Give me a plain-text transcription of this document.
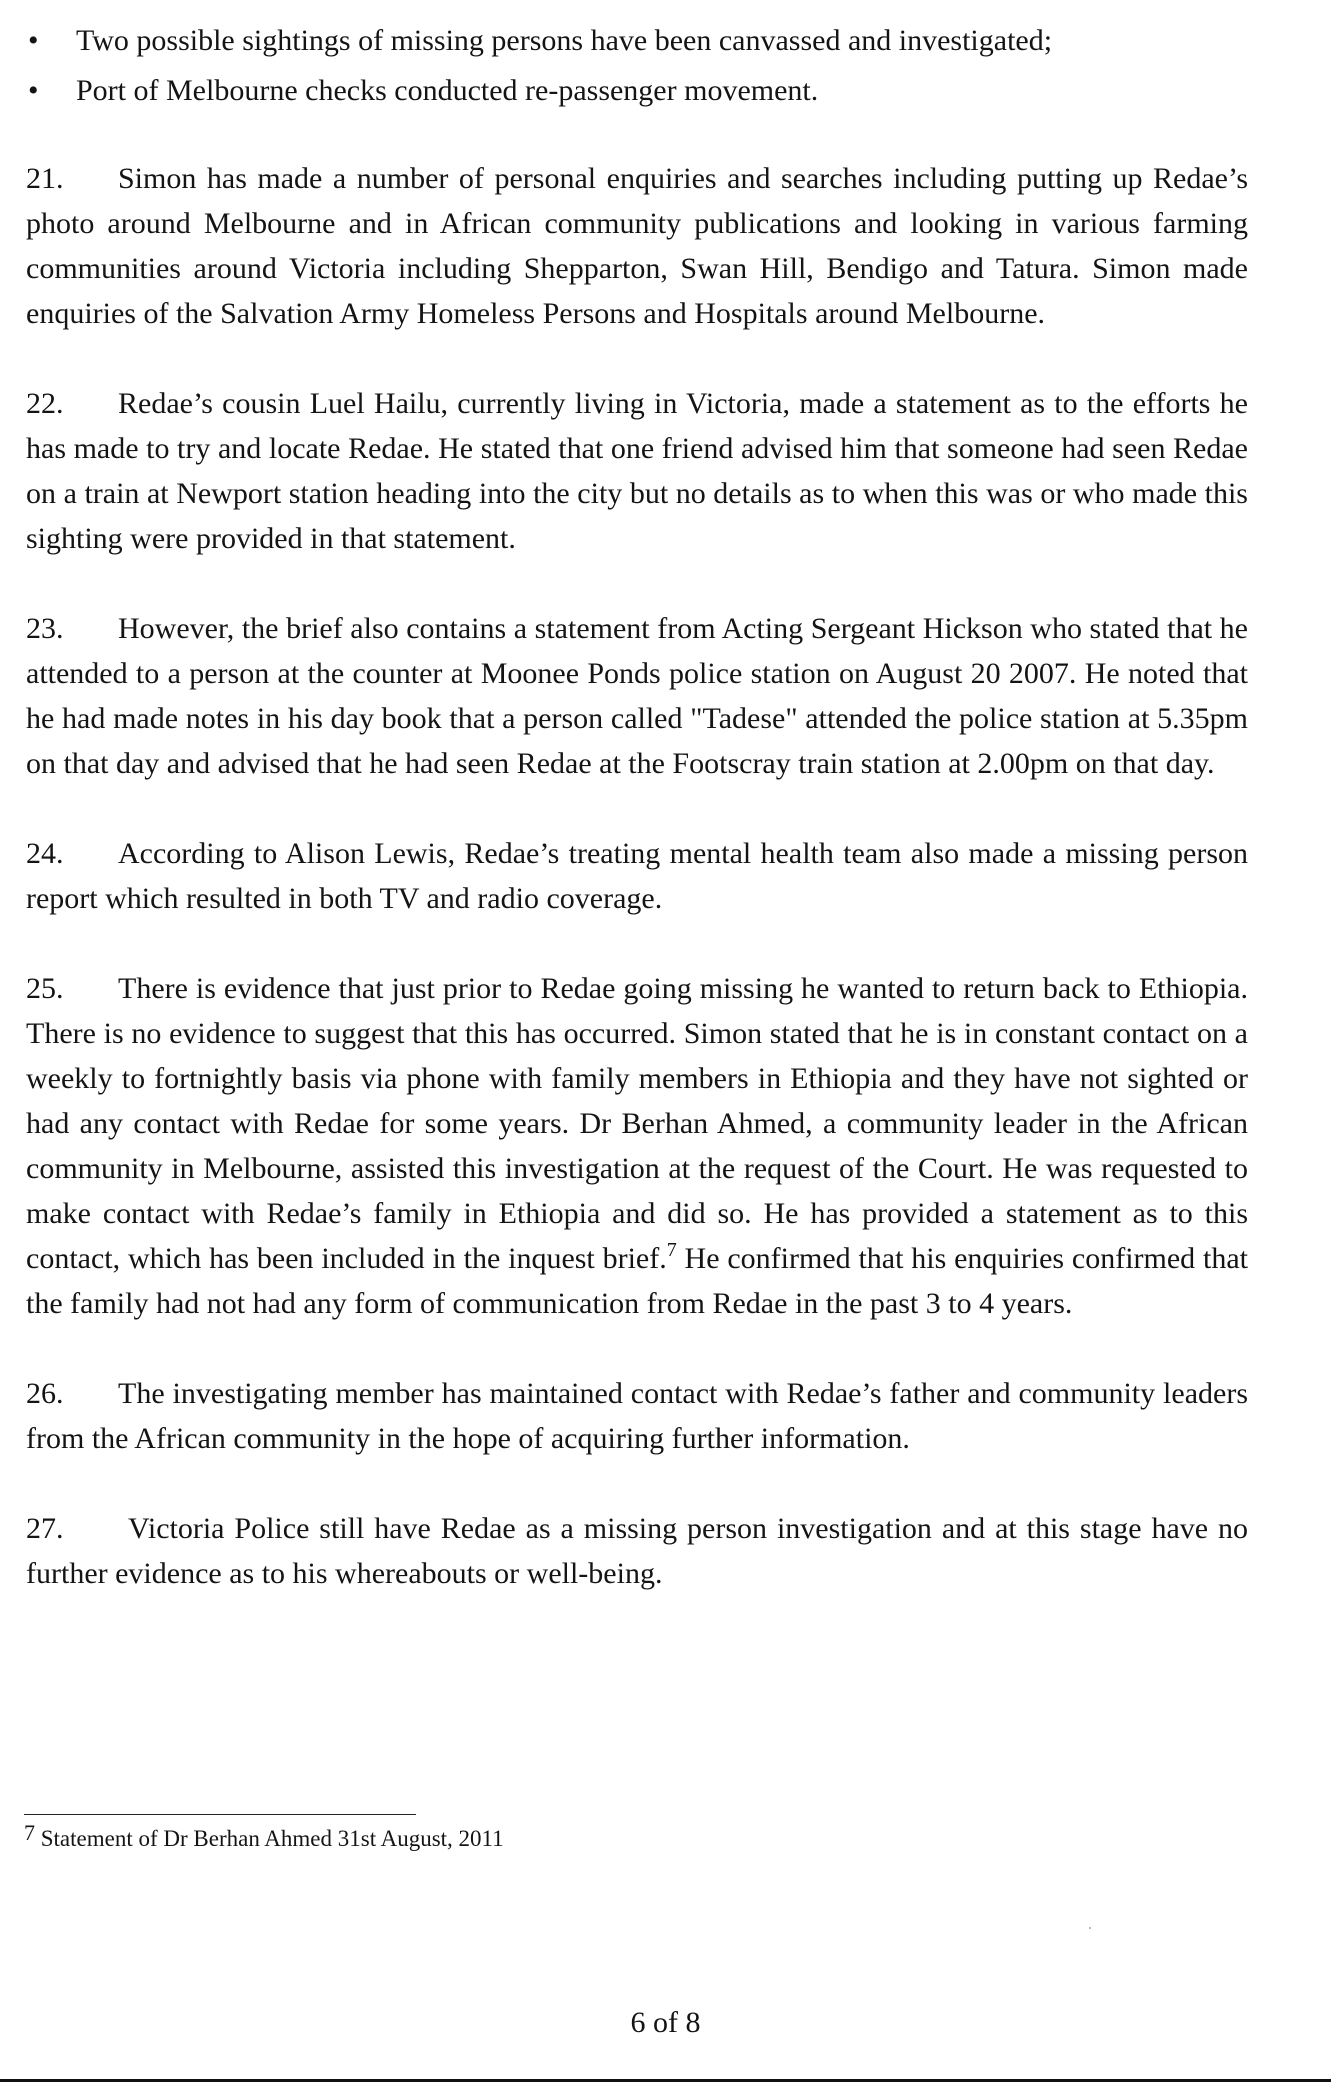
• Two possible sightings of missing persons have been canvassed and investigated;
• Port of Melbourne checks conducted re-passenger movement.

21. Simon has made a number of personal enquiries and searches including putting up Redae’s photo around Melbourne and in African community publications and looking in various farming communities around Victoria including Shepparton, Swan Hill, Bendigo and Tatura. Simon made enquiries of the Salvation Army Homeless Persons and Hospitals around Melbourne.

22. Redae’s cousin Luel Hailu, currently living in Victoria, made a statement as to the efforts he has made to try and locate Redae. He stated that one friend advised him that someone had seen Redae on a train at Newport station heading into the city but no details as to when this was or who made this sighting were provided in that statement.

23. However, the brief also contains a statement from Acting Sergeant Hickson who stated that he attended to a person at the counter at Moonee Ponds police station on August 20 2007. He noted that he had made notes in his day book that a person called "Tadese" attended the police station at 5.35pm on that day and advised that he had seen Redae at the Footscray train station at 2.00pm on that day.

24. According to Alison Lewis, Redae’s treating mental health team also made a missing person report which resulted in both TV and radio coverage.

25. There is evidence that just prior to Redae going missing he wanted to return back to Ethiopia. There is no evidence to suggest that this has occurred. Simon stated that he is in constant contact on a weekly to fortnightly basis via phone with family members in Ethiopia and they have not sighted or had any contact with Redae for some years. Dr Berhan Ahmed, a community leader in the African community in Melbourne, assisted this investigation at the request of the Court. He was requested to make contact with Redae’s family in Ethiopia and did so. He has provided a statement as to this contact, which has been included in the inquest brief.$^7$ He confirmed that his enquiries confirmed that the family had not had any form of communication from Redae in the past 3 to 4 years.

26. The investigating member has maintained contact with Redae’s father and community leaders from the African community in the hope of acquiring further information.

27. Victoria Police still have Redae as a missing person investigation and at this stage have no further evidence as to his whereabouts or well-being.

$^7$ Statement of Dr Berhan Ahmed 31st August, 2011
6 of 8
